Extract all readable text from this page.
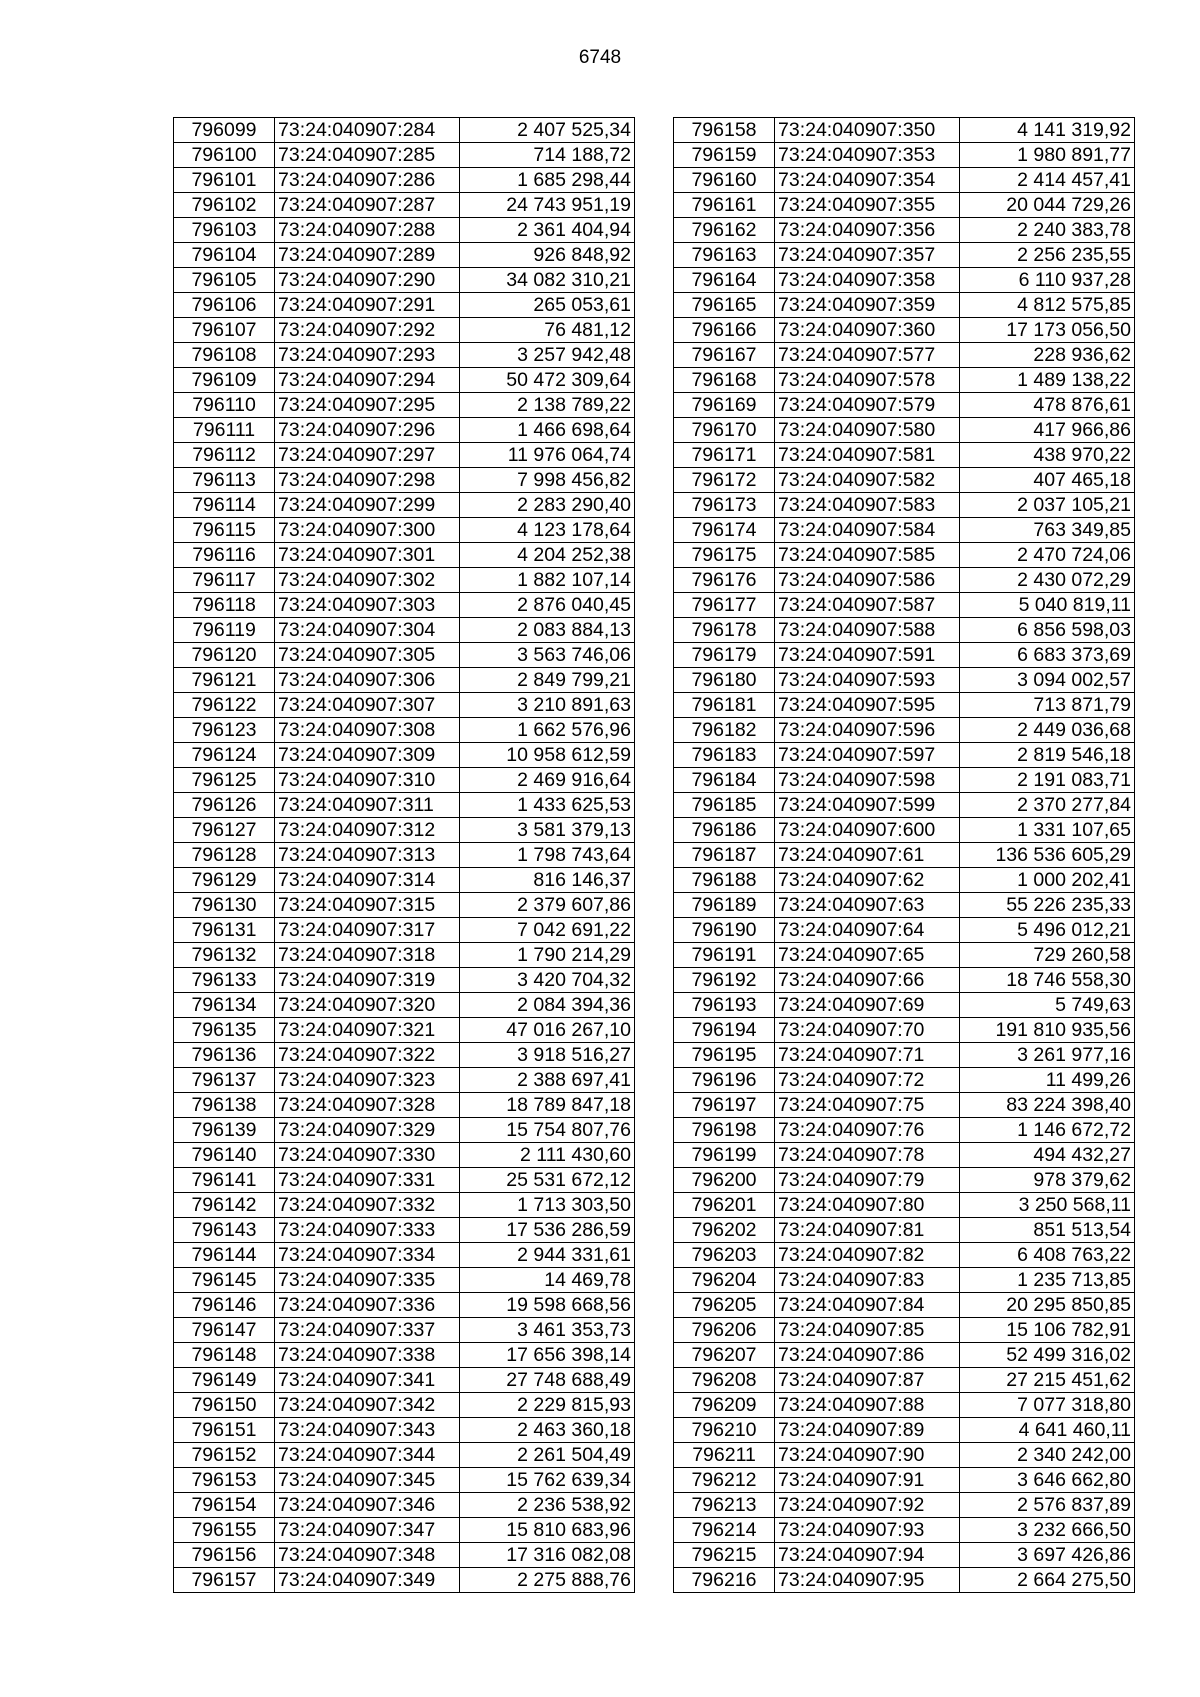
6748
796099	73:24:040907:284	2 407 525,34
796100	73:24:040907:285	714 188,72
796101	73:24:040907:286	1 685 298,44
796102	73:24:040907:287	24 743 951,19
796103	73:24:040907:288	2 361 404,94
796104	73:24:040907:289	926 848,92
796105	73:24:040907:290	34 082 310,21
796106	73:24:040907:291	265 053,61
796107	73:24:040907:292	76 481,12
796108	73:24:040907:293	3 257 942,48
796109	73:24:040907:294	50 472 309,64
796110	73:24:040907:295	2 138 789,22
796111	73:24:040907:296	1 466 698,64
796112	73:24:040907:297	11 976 064,74
796113	73:24:040907:298	7 998 456,82
796114	73:24:040907:299	2 283 290,40
796115	73:24:040907:300	4 123 178,64
796116	73:24:040907:301	4 204 252,38
796117	73:24:040907:302	1 882 107,14
796118	73:24:040907:303	2 876 040,45
796119	73:24:040907:304	2 083 884,13
796120	73:24:040907:305	3 563 746,06
796121	73:24:040907:306	2 849 799,21
796122	73:24:040907:307	3 210 891,63
796123	73:24:040907:308	1 662 576,96
796124	73:24:040907:309	10 958 612,59
796125	73:24:040907:310	2 469 916,64
796126	73:24:040907:311	1 433 625,53
796127	73:24:040907:312	3 581 379,13
796128	73:24:040907:313	1 798 743,64
796129	73:24:040907:314	816 146,37
796130	73:24:040907:315	2 379 607,86
796131	73:24:040907:317	7 042 691,22
796132	73:24:040907:318	1 790 214,29
796133	73:24:040907:319	3 420 704,32
796134	73:24:040907:320	2 084 394,36
796135	73:24:040907:321	47 016 267,10
796136	73:24:040907:322	3 918 516,27
796137	73:24:040907:323	2 388 697,41
796138	73:24:040907:328	18 789 847,18
796139	73:24:040907:329	15 754 807,76
796140	73:24:040907:330	2 111 430,60
796141	73:24:040907:331	25 531 672,12
796142	73:24:040907:332	1 713 303,50
796143	73:24:040907:333	17 536 286,59
796144	73:24:040907:334	2 944 331,61
796145	73:24:040907:335	14 469,78
796146	73:24:040907:336	19 598 668,56
796147	73:24:040907:337	3 461 353,73
796148	73:24:040907:338	17 656 398,14
796149	73:24:040907:341	27 748 688,49
796150	73:24:040907:342	2 229 815,93
796151	73:24:040907:343	2 463 360,18
796152	73:24:040907:344	2 261 504,49
796153	73:24:040907:345	15 762 639,34
796154	73:24:040907:346	2 236 538,92
796155	73:24:040907:347	15 810 683,96
796156	73:24:040907:348	17 316 082,08
796157	73:24:040907:349	2 275 888,76
796158	73:24:040907:350	4 141 319,92
796159	73:24:040907:353	1 980 891,77
796160	73:24:040907:354	2 414 457,41
796161	73:24:040907:355	20 044 729,26
796162	73:24:040907:356	2 240 383,78
796163	73:24:040907:357	2 256 235,55
796164	73:24:040907:358	6 110 937,28
796165	73:24:040907:359	4 812 575,85
796166	73:24:040907:360	17 173 056,50
796167	73:24:040907:577	228 936,62
796168	73:24:040907:578	1 489 138,22
796169	73:24:040907:579	478 876,61
796170	73:24:040907:580	417 966,86
796171	73:24:040907:581	438 970,22
796172	73:24:040907:582	407 465,18
796173	73:24:040907:583	2 037 105,21
796174	73:24:040907:584	763 349,85
796175	73:24:040907:585	2 470 724,06
796176	73:24:040907:586	2 430 072,29
796177	73:24:040907:587	5 040 819,11
796178	73:24:040907:588	6 856 598,03
796179	73:24:040907:591	6 683 373,69
796180	73:24:040907:593	3 094 002,57
796181	73:24:040907:595	713 871,79
796182	73:24:040907:596	2 449 036,68
796183	73:24:040907:597	2 819 546,18
796184	73:24:040907:598	2 191 083,71
796185	73:24:040907:599	2 370 277,84
796186	73:24:040907:600	1 331 107,65
796187	73:24:040907:61	136 536 605,29
796188	73:24:040907:62	1 000 202,41
796189	73:24:040907:63	55 226 235,33
796190	73:24:040907:64	5 496 012,21
796191	73:24:040907:65	729 260,58
796192	73:24:040907:66	18 746 558,30
796193	73:24:040907:69	5 749,63
796194	73:24:040907:70	191 810 935,56
796195	73:24:040907:71	3 261 977,16
796196	73:24:040907:72	11 499,26
796197	73:24:040907:75	83 224 398,40
796198	73:24:040907:76	1 146 672,72
796199	73:24:040907:78	494 432,27
796200	73:24:040907:79	978 379,62
796201	73:24:040907:80	3 250 568,11
796202	73:24:040907:81	851 513,54
796203	73:24:040907:82	6 408 763,22
796204	73:24:040907:83	1 235 713,85
796205	73:24:040907:84	20 295 850,85
796206	73:24:040907:85	15 106 782,91
796207	73:24:040907:86	52 499 316,02
796208	73:24:040907:87	27 215 451,62
796209	73:24:040907:88	7 077 318,80
796210	73:24:040907:89	4 641 460,11
796211	73:24:040907:90	2 340 242,00
796212	73:24:040907:91	3 646 662,80
796213	73:24:040907:92	2 576 837,89
796214	73:24:040907:93	3 232 666,50
796215	73:24:040907:94	3 697 426,86
796216	73:24:040907:95	2 664 275,50
